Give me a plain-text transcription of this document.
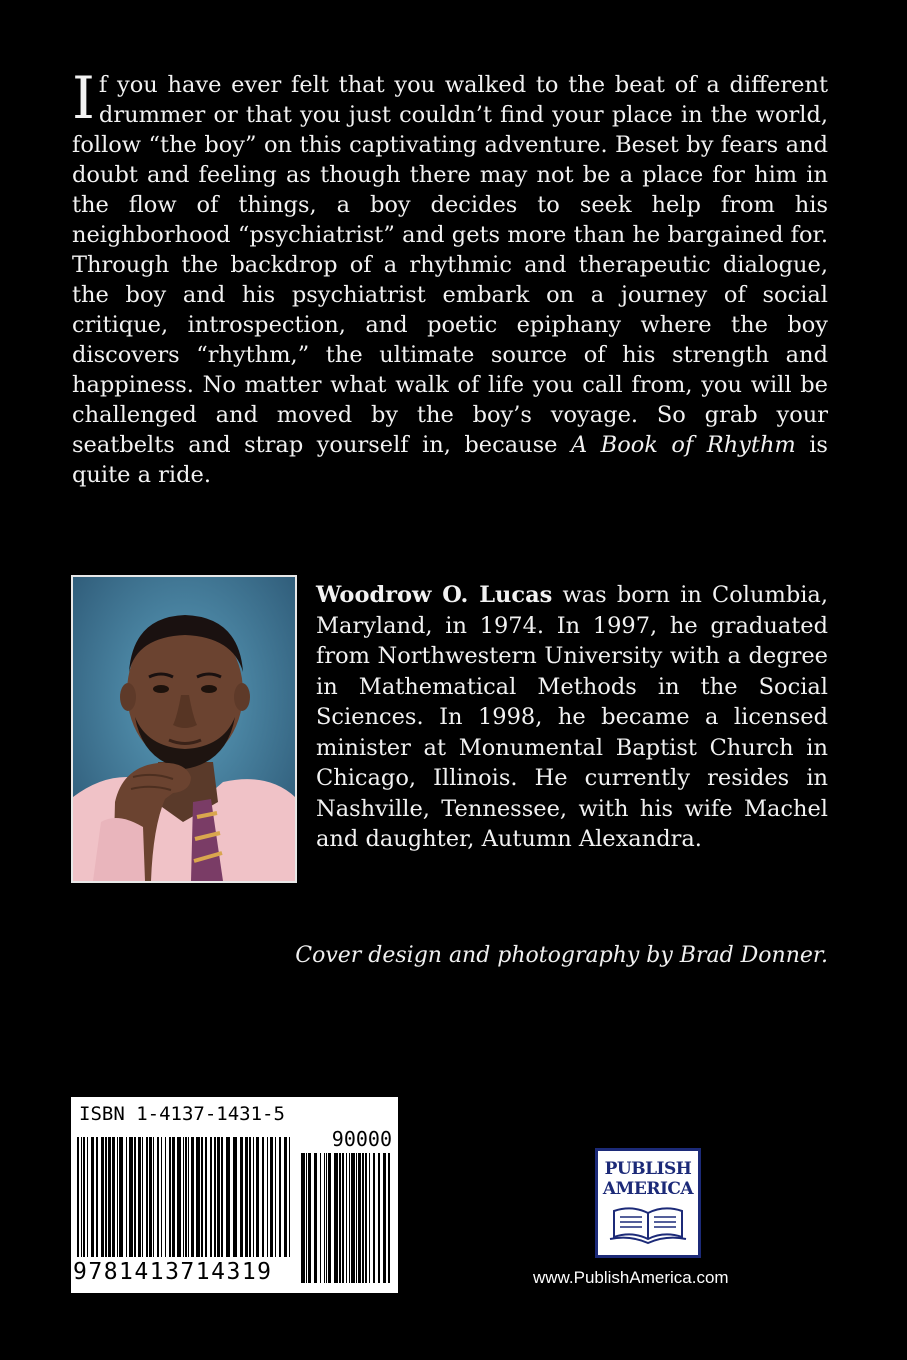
If you have ever felt that you walked to the beat of a different drummer or that you just couldn’t find your place in the world, follow “the boy” on this captivating adventure. Beset by fears and doubt and feeling as though there may not be a place for him in the flow of things, a boy decides to seek help from his neighborhood “psychiatrist” and gets more than he bargained for. Through the backdrop of a rhythmic and therapeutic dialogue, the boy and his psychiatrist embark on a journey of social critique, introspection, and poetic epiphany where the boy discovers “rhythm,” the ultimate source of his strength and happiness. No matter what walk of life you call from, you will be challenged and moved by the boy’s voyage. So grab your seatbelts and strap yourself in, because A Book of Rhythm is quite a ride.

Woodrow O. Lucas was born in Columbia, Maryland, in 1974. In 1997, he graduated from Northwestern University with a degree in Mathematical Methods in the Social Sciences. In 1998, he became a licensed minister at Monumental Baptist Church in Chicago, Illinois. He currently resides in Nashville, Tennessee, with his wife Machel and daughter, Autumn Alexandra.

Cover design and photography by Brad Donner.

ISBN 1-4137-1431-5
90000
9781413714319
PUBLISH
AMERICA

www.PublishAmerica.com
